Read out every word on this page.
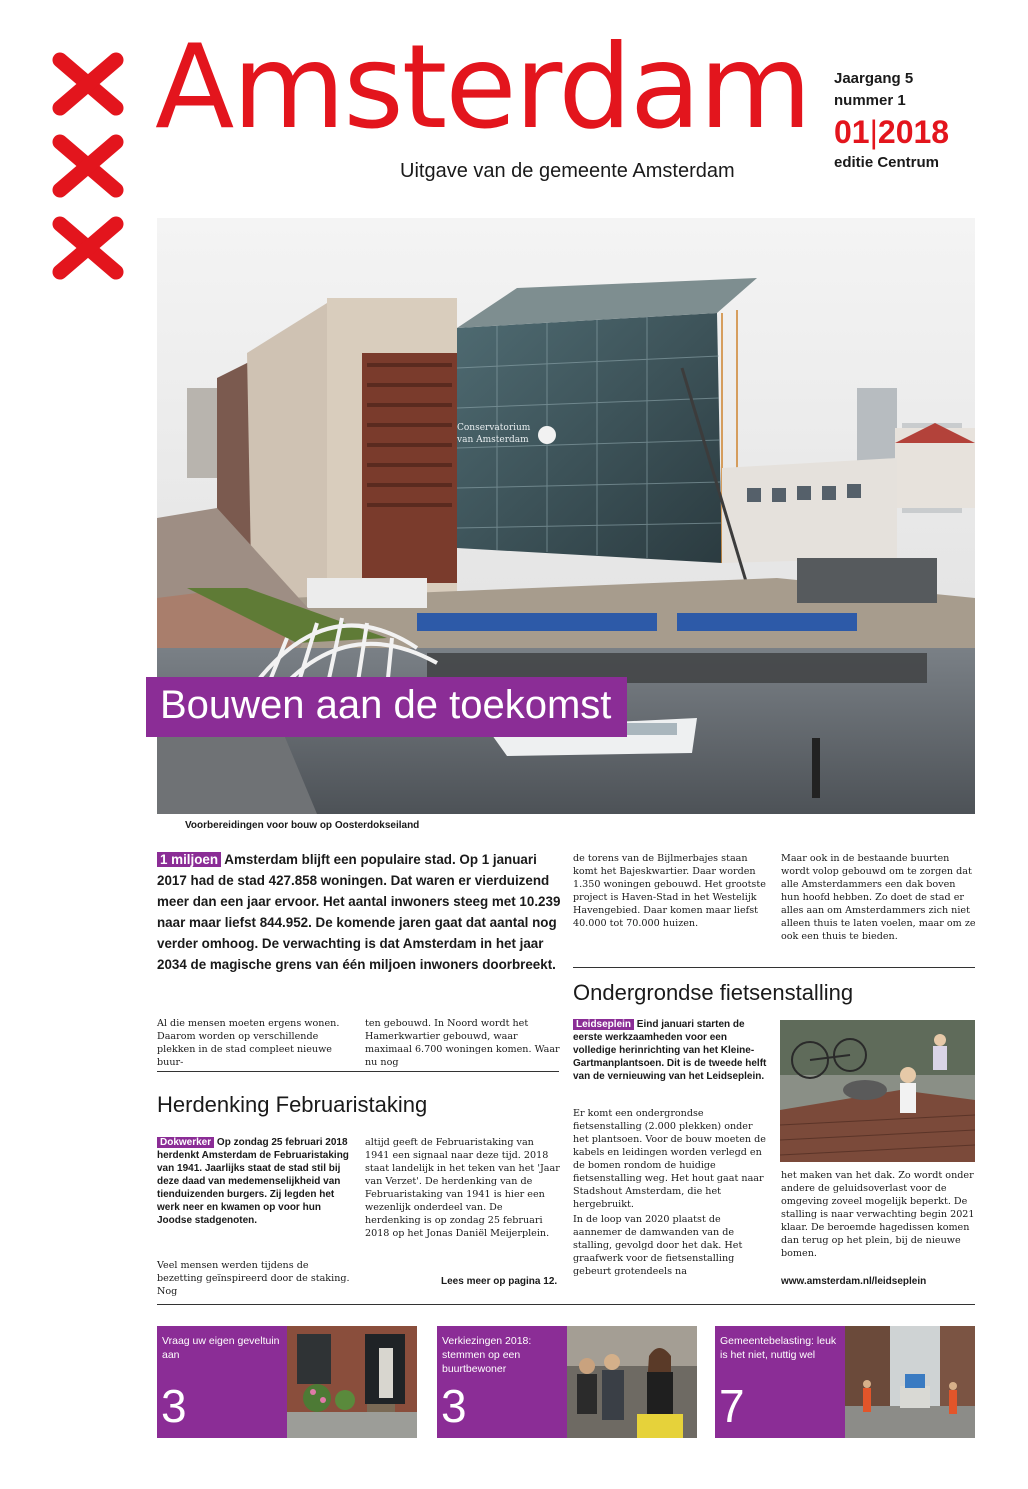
Amsterdam
Uitgave van de gemeente Amsterdam
Jaargang 5
nummer 1
01|2018
editie Centrum
Conservatorium
van Amsterdam
Bouwen aan de toekomst
Voorbereidingen voor bouw op Oosterdokseiland

1 miljoen Amsterdam blijft een populaire stad. Op 1 januari 2017 had de stad 427.858 woningen. Dat waren er vierduizend meer dan een jaar ervoor. Het aantal inwoners steeg met 10.239 naar maar liefst 844.952. De komende jaren gaat dat aantal nog verder omhoog. De verwachting is dat Amsterdam in het jaar 2034 de magische grens van één miljoen inwoners doorbreekt.

Al die mensen moeten ergens wonen. Daarom worden op verschillende plekken in de stad compleet nieuwe buur-

ten gebouwd. In Noord wordt het Hamerkwartier gebouwd, waar maximaal 6.700 woningen komen. Waar nu nog

de torens van de Bijlmerbajes staan komt het Bajeskwartier. Daar worden 1.350 woningen gebouwd. Het grootste project is Haven-Stad in het Westelijk Havengebied. Daar komen maar liefst 40.000 tot 70.000 huizen.

Maar ook in de bestaande buurten wordt volop gebouwd om te zorgen dat alle Amsterdammers een dak boven hun hoofd hebben. Zo doet de stad er alles aan om Amsterdammers zich niet alleen thuis te laten voelen, maar om ze ook een thuis te bieden.

Ondergrondse fietsenstalling

Leidseplein Eind januari starten de eerste werkzaamheden voor een volledige herinrichting van het Kleine-Gartmanplantsoen. Dit is de tweede helft van de vernieuwing van het Leidseplein.

Er komt een ondergrondse fietsenstalling (2.000 plekken) onder het plantsoen. Voor de bouw moeten de kabels en leidingen worden verlegd en de bomen rondom de huidige fietsenstalling weg. Het hout gaat naar Stadshout Amsterdam, die het hergebruikt.

In de loop van 2020 plaatst de aannemer de damwanden van de stalling, gevolgd door het dak. Het graafwerk voor de fietsenstalling gebeurt grotendeels na

het maken van het dak. Zo wordt onder andere de geluidsoverlast voor de omgeving zoveel mogelijk beperkt. De stalling is naar verwachting begin 2021 klaar. De beroemde hagedissen komen dan terug op het plein, bij de nieuwe bomen.

www.amsterdam.nl/leidseplein
Herdenking Februaristaking

Dokwerker Op zondag 25 februari 2018 herdenkt Amsterdam de Februaristaking van 1941. Jaarlijks staat de stad stil bij deze daad van medemenselijkheid van tienduizenden burgers. Zij legden het werk neer en kwamen op voor hun Joodse stadgenoten.

Veel mensen werden tijdens de bezetting geïnspireerd door de staking. Nog

altijd geeft de Februaristaking van 1941 een signaal naar deze tijd. 2018 staat landelijk in het teken van het 'Jaar van Verzet'. De herdenking van de Februaristaking van 1941 is hier een wezenlijk onderdeel van. De herdenking is op zondag 25 februari 2018 op het Jonas Daniël Meijerplein.

Lees meer op pagina 12.
Vraag uw eigen geveltuin aan
3
Verkiezingen 2018: stemmen op een buurtbewoner
3
Gemeentebelasting: leuk is het niet, nuttig wel
7
